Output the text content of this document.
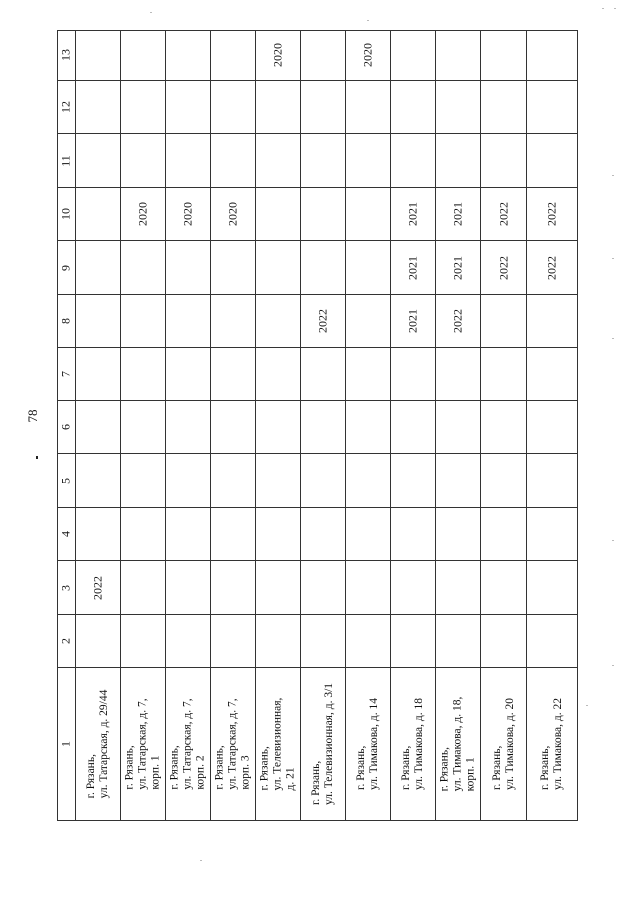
78
1
2
3
4
5
6
7
8
9
10
11
12
13
г. Рязань,
ул. Татарская, д. 29/44
2022
г. Рязань,
ул. Татарская, д. 7,
корп. 1
2020
г. Рязань,
ул. Татарская, д. 7,
корп. 2
2020
г. Рязань,
ул. Татарская, д. 7,
корп. 3
2020
г. Рязань,
ул. Телевизионная,
д. 21
2020
г. Рязань,
ул. Телевизионная, д. 3/1
2022
г. Рязань,
ул. Тимакова, д. 14
2020
г. Рязань,
ул. Тимакова, д. 18
2021
2021
2021
г. Рязань,
ул. Тимакова, д. 18,
корп. 1
2022
2021
2021
г. Рязань,
ул. Тимакова, д. 20
2022
2022
г. Рязань,
ул. Тимакова, д. 22
2022
2022
